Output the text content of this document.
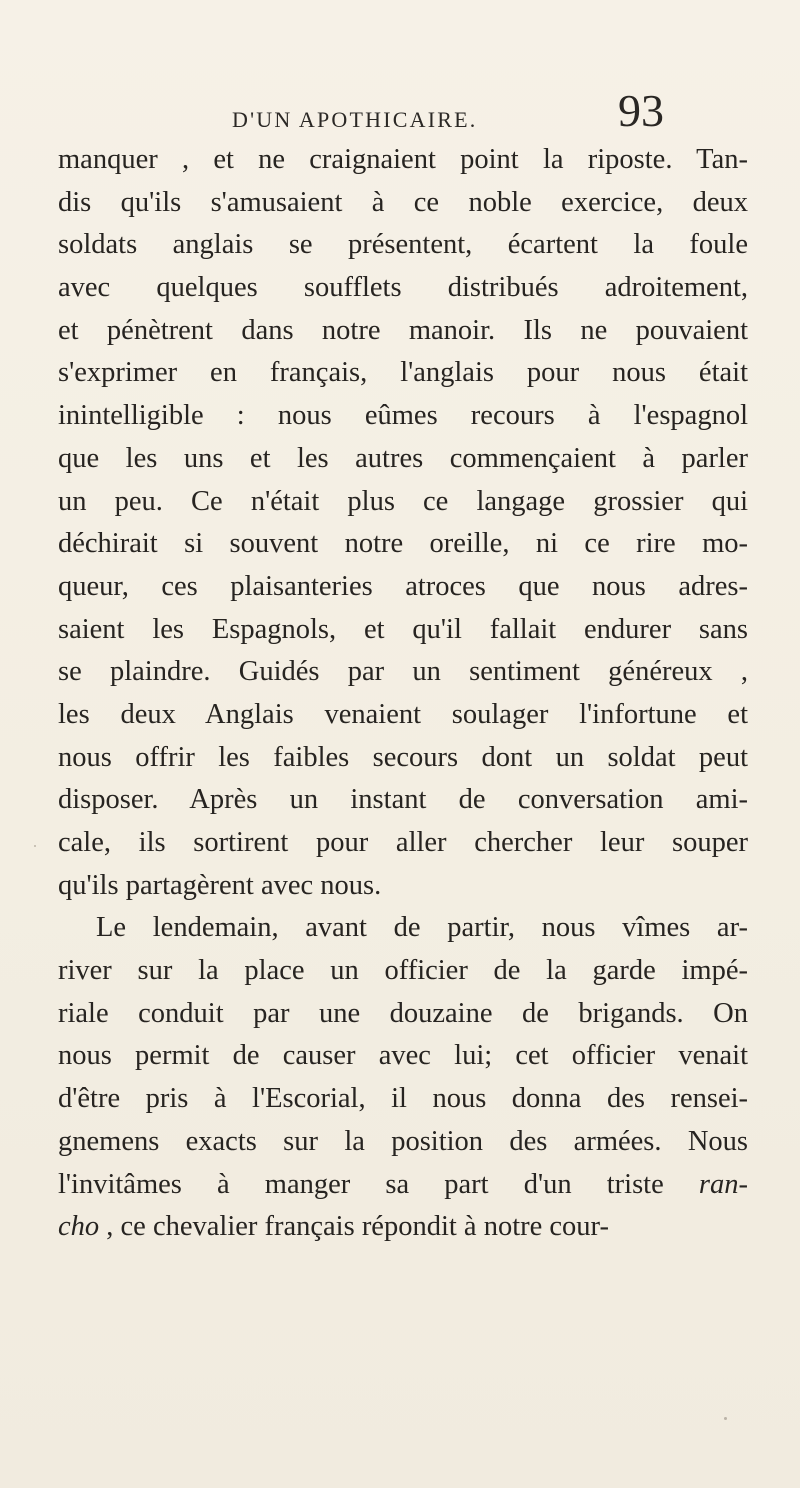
D'UN APOTHICAIRE.	93
manquer , et ne craignaient point la riposte. Tan-
dis qu'ils s'amusaient à ce noble exercice, deux
soldats anglais se présentent, écartent la foule
avec quelques soufflets distribués adroitement,
et pénètrent dans notre manoir. Ils ne pouvaient
s'exprimer en français, l'anglais pour nous était
inintelligible : nous eûmes recours à l'espagnol
que les uns et les autres commençaient à parler
un peu. Ce n'était plus ce langage grossier qui
déchirait si souvent notre oreille, ni ce rire mo-
queur, ces plaisanteries atroces que nous adres-
saient les Espagnols, et qu'il fallait endurer sans
se plaindre. Guidés par un sentiment généreux ,
les deux Anglais venaient soulager l'infortune et
nous offrir les faibles secours dont un soldat peut
disposer. Après un instant de conversation ami-
cale, ils sortirent pour aller chercher leur souper
qu'ils partagèrent avec nous.
Le lendemain, avant de partir, nous vîmes ar-
river sur la place un officier de la garde impé-
riale conduit par une douzaine de brigands. On
nous permit de causer avec lui; cet officier venait
d'être pris à l'Escorial, il nous donna des rensei-
gnemens exacts sur la position des armées. Nous
l'invitâmes à manger sa part d'un triste ran-
cho , ce chevalier français répondit à notre cour-
